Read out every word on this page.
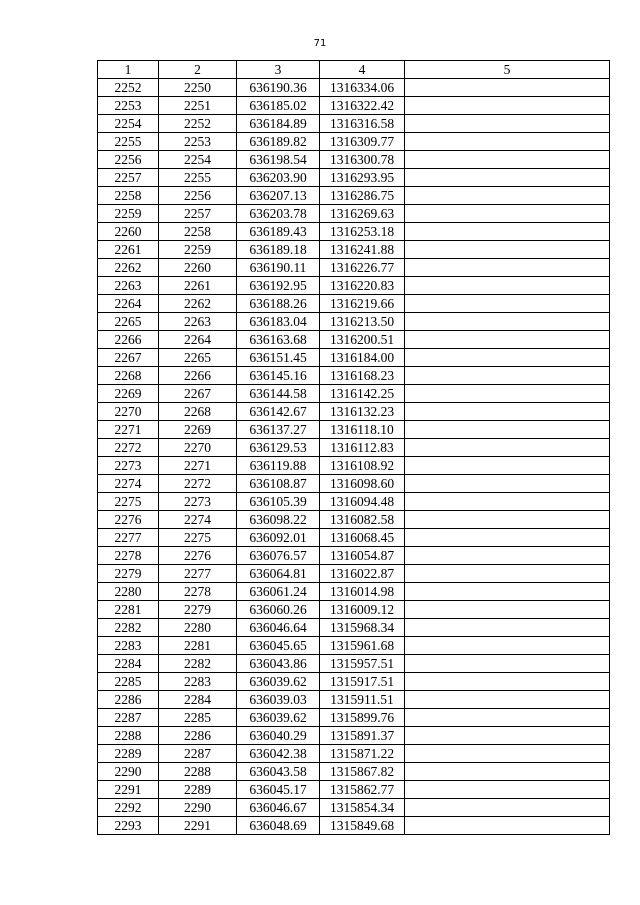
71
1	2	3	4	5
2252	2250	636190.36	1316334.06	
2253	2251	636185.02	1316322.42	
2254	2252	636184.89	1316316.58	
2255	2253	636189.82	1316309.77	
2256	2254	636198.54	1316300.78	
2257	2255	636203.90	1316293.95	
2258	2256	636207.13	1316286.75	
2259	2257	636203.78	1316269.63	
2260	2258	636189.43	1316253.18	
2261	2259	636189.18	1316241.88	
2262	2260	636190.11	1316226.77	
2263	2261	636192.95	1316220.83	
2264	2262	636188.26	1316219.66	
2265	2263	636183.04	1316213.50	
2266	2264	636163.68	1316200.51	
2267	2265	636151.45	1316184.00	
2268	2266	636145.16	1316168.23	
2269	2267	636144.58	1316142.25	
2270	2268	636142.67	1316132.23	
2271	2269	636137.27	1316118.10	
2272	2270	636129.53	1316112.83	
2273	2271	636119.88	1316108.92	
2274	2272	636108.87	1316098.60	
2275	2273	636105.39	1316094.48	
2276	2274	636098.22	1316082.58	
2277	2275	636092.01	1316068.45	
2278	2276	636076.57	1316054.87	
2279	2277	636064.81	1316022.87	
2280	2278	636061.24	1316014.98	
2281	2279	636060.26	1316009.12	
2282	2280	636046.64	1315968.34	
2283	2281	636045.65	1315961.68	
2284	2282	636043.86	1315957.51	
2285	2283	636039.62	1315917.51	
2286	2284	636039.03	1315911.51	
2287	2285	636039.62	1315899.76	
2288	2286	636040.29	1315891.37	
2289	2287	636042.38	1315871.22	
2290	2288	636043.58	1315867.82	
2291	2289	636045.17	1315862.77	
2292	2290	636046.67	1315854.34	
2293	2291	636048.69	1315849.68	
